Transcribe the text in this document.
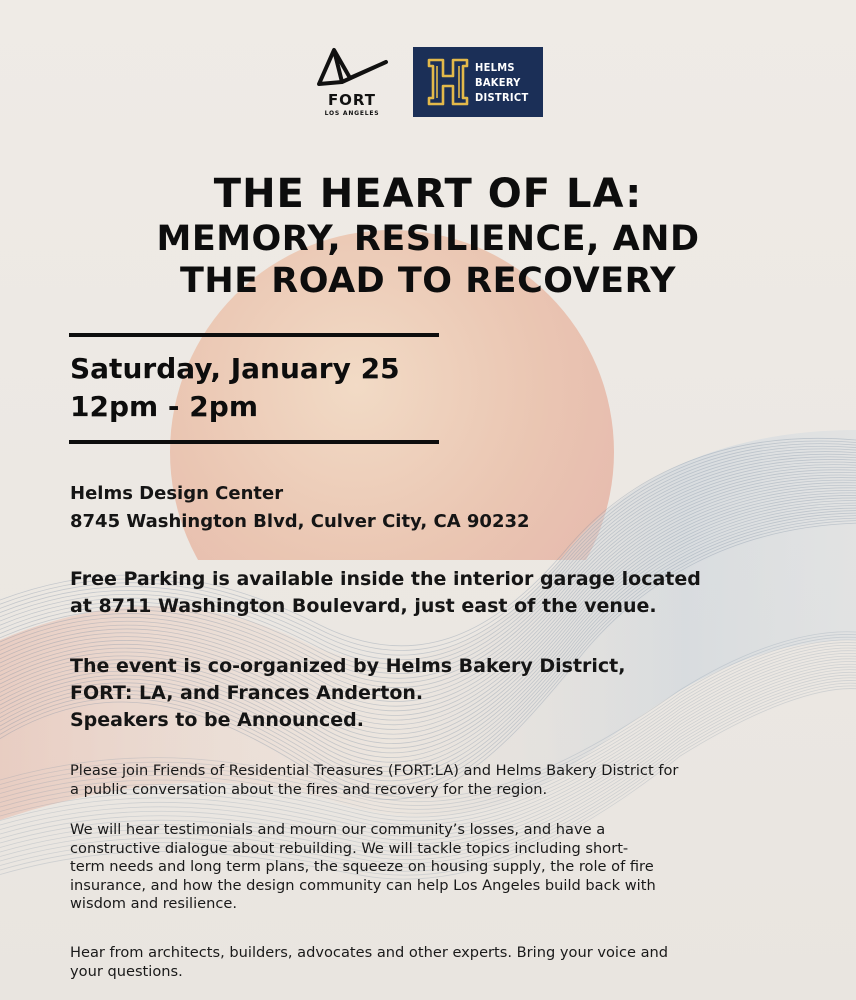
FORT
LOS ANGELES
HELMS
BAKERY
DISTRICT
THE HEART OF LA:
MEMORY, RESILIENCE, AND
THE ROAD TO RECOVERY
Saturday, January 25
12pm - 2pm
Helms Design Center
8745 Washington Blvd, Culver City, CA 90232
Free Parking is available inside the interior garage located
at 8711 Washington Boulevard, just east of the venue.
The event is co-organized by Helms Bakery District,
FORT: LA, and Frances Anderton.
Speakers to be Announced.
Please join Friends of Residential Treasures (FORT:LA) and Helms Bakery District for
a public conversation about the fires and recovery for the region.
We will hear testimonials and mourn our community’s losses, and have a
constructive dialogue about rebuilding. We will tackle topics including short-
term needs and long term plans, the squeeze on housing supply, the role of fire
insurance, and how the design community can help Los Angeles build back with
wisdom and resilience.
Hear from architects, builders, advocates and other experts. Bring your voice and
your questions.
